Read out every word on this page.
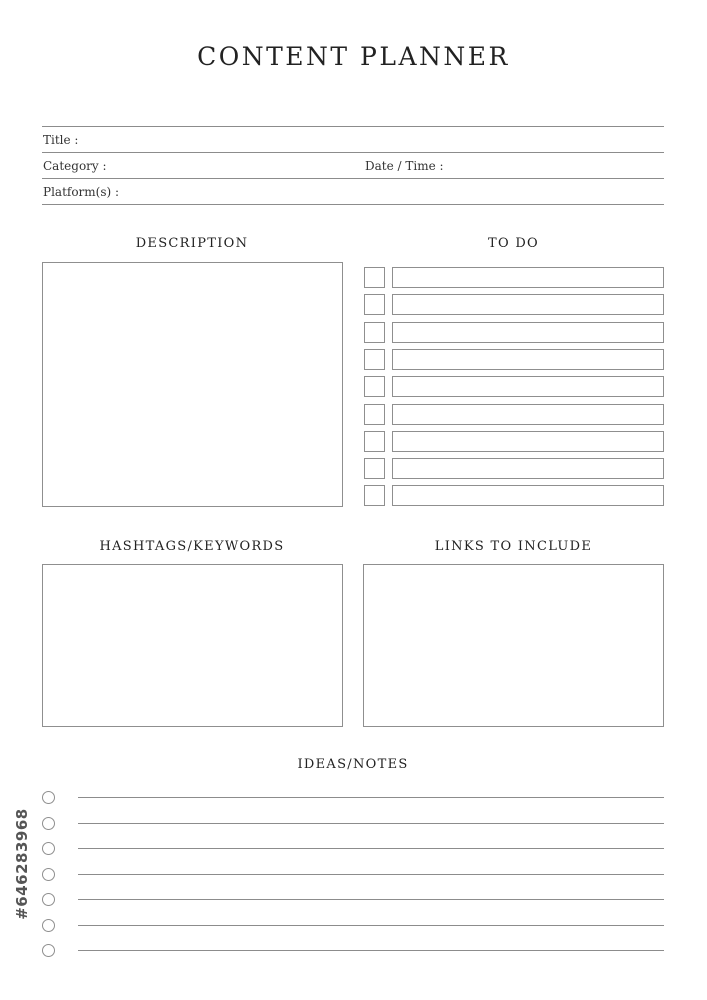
CONTENT PLANNER
Title :
Category :	Date / Time :
Platform(s) :
DESCRIPTION	TO DO
HASHTAGS/KEYWORDS	LINKS TO INCLUDE
IDEAS/NOTES
#646283968
